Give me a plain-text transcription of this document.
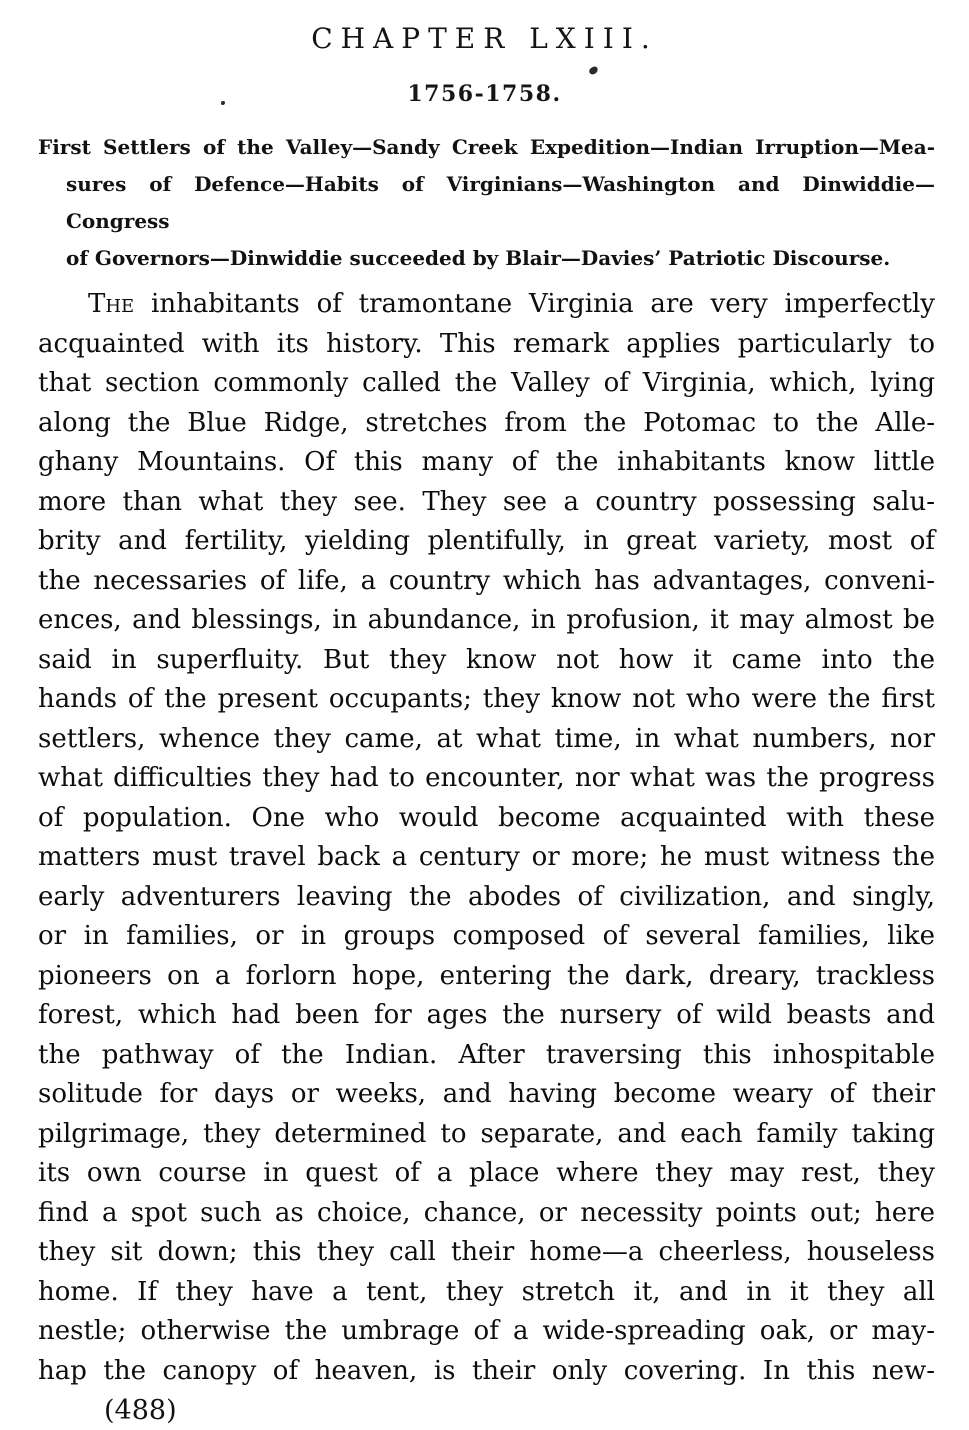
CHAPTER LXIII.
1756-1758.
First Settlers of the Valley—Sandy Creek Expedition—Indian Irruption—Mea-
sures of Defence—Habits of Virginians—Washington and Dinwiddie—Congress
of Governors—Dinwiddie succeeded by Blair—Davies’ Patriotic Discourse.
The inhabitants of tramontane Virginia are very imperfectly
acquainted with its history. This remark applies particularly to
that section commonly called the Valley of Virginia, which, lying
along the Blue Ridge, stretches from the Potomac to the Alle-
ghany Mountains. Of this many of the inhabitants know little
more than what they see. They see a country possessing salu-
brity and fertility, yielding plentifully, in great variety, most of
the necessaries of life, a country which has advantages, conveni-
ences, and blessings, in abundance, in profusion, it may almost be
said in superfluity. But they know not how it came into the
hands of the present occupants; they know not who were the first
settlers, whence they came, at what time, in what numbers, nor
what difficulties they had to encounter, nor what was the progress
of population. One who would become acquainted with these
matters must travel back a century or more; he must witness the
early adventurers leaving the abodes of civilization, and singly,
or in families, or in groups composed of several families, like
pioneers on a forlorn hope, entering the dark, dreary, trackless
forest, which had been for ages the nursery of wild beasts and
the pathway of the Indian. After traversing this inhospitable
solitude for days or weeks, and having become weary of their
pilgrimage, they determined to separate, and each family taking
its own course in quest of a place where they may rest, they
find a spot such as choice, chance, or necessity points out; here
they sit down; this they call their home—a cheerless, houseless
home. If they have a tent, they stretch it, and in it they all
nestle; otherwise the umbrage of a wide-spreading oak, or may-
hap the canopy of heaven, is their only covering. In this new-
(488)
